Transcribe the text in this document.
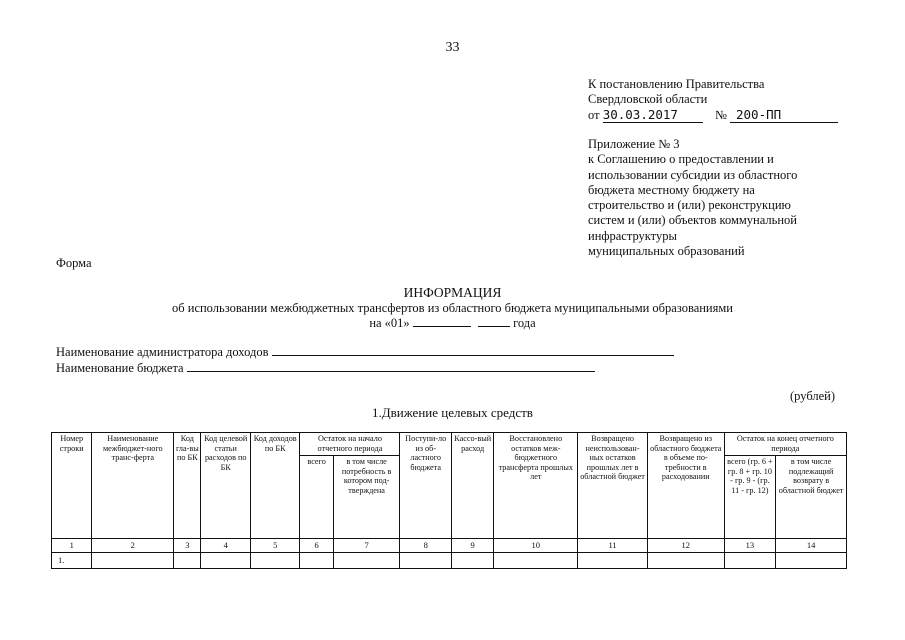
33
К постановлению Правительства
Свердловской области
от 30.03.2017	№ 200-ПП
Приложение № 3
к Соглашению о предоставлении и
использовании субсидии из областного
бюджета местному бюджету на
строительство и (или) реконструкцию
систем и (или) объектов коммунальной
инфраструктуры
муниципальных образований
Форма
ИНФОРМАЦИЯ
об использовании межбюджетных трансфертов из областного бюджета муниципальными образованиями
на «01»	года
Наименование администратора доходов
Наименование бюджета
(рублей)
1.Движение целевых средств
Номер строки	Наименование межбюджет-ного транс-ферта	Код гла-вы по БК	Код целевой статьи расходов по БК	Код доходов по БК	Остаток на начало отчетного периода		Поступи-ло из об-ластного бюджета	Кассо-вый расход	Восстановлено остатков меж-бюджетного трансферта прошлых лет	Возвращено неиспользован-ных остатков прошлых лет в областной бюджет	Возвращено из областного бюджета в объеме по-требности в расходовании	Остаток на конец отчетного периода	
					всего	в том числе потребность в котором под-тверждена						всего (гр. 6 + гр. 8 + гр. 10 - гр. 9 - (гр. 11 - гр. 12)	в том числе подлежащий возврату в областной бюджет
1	2	3	4	5	6	7	8	9	10	11	12	13	14
1.													
